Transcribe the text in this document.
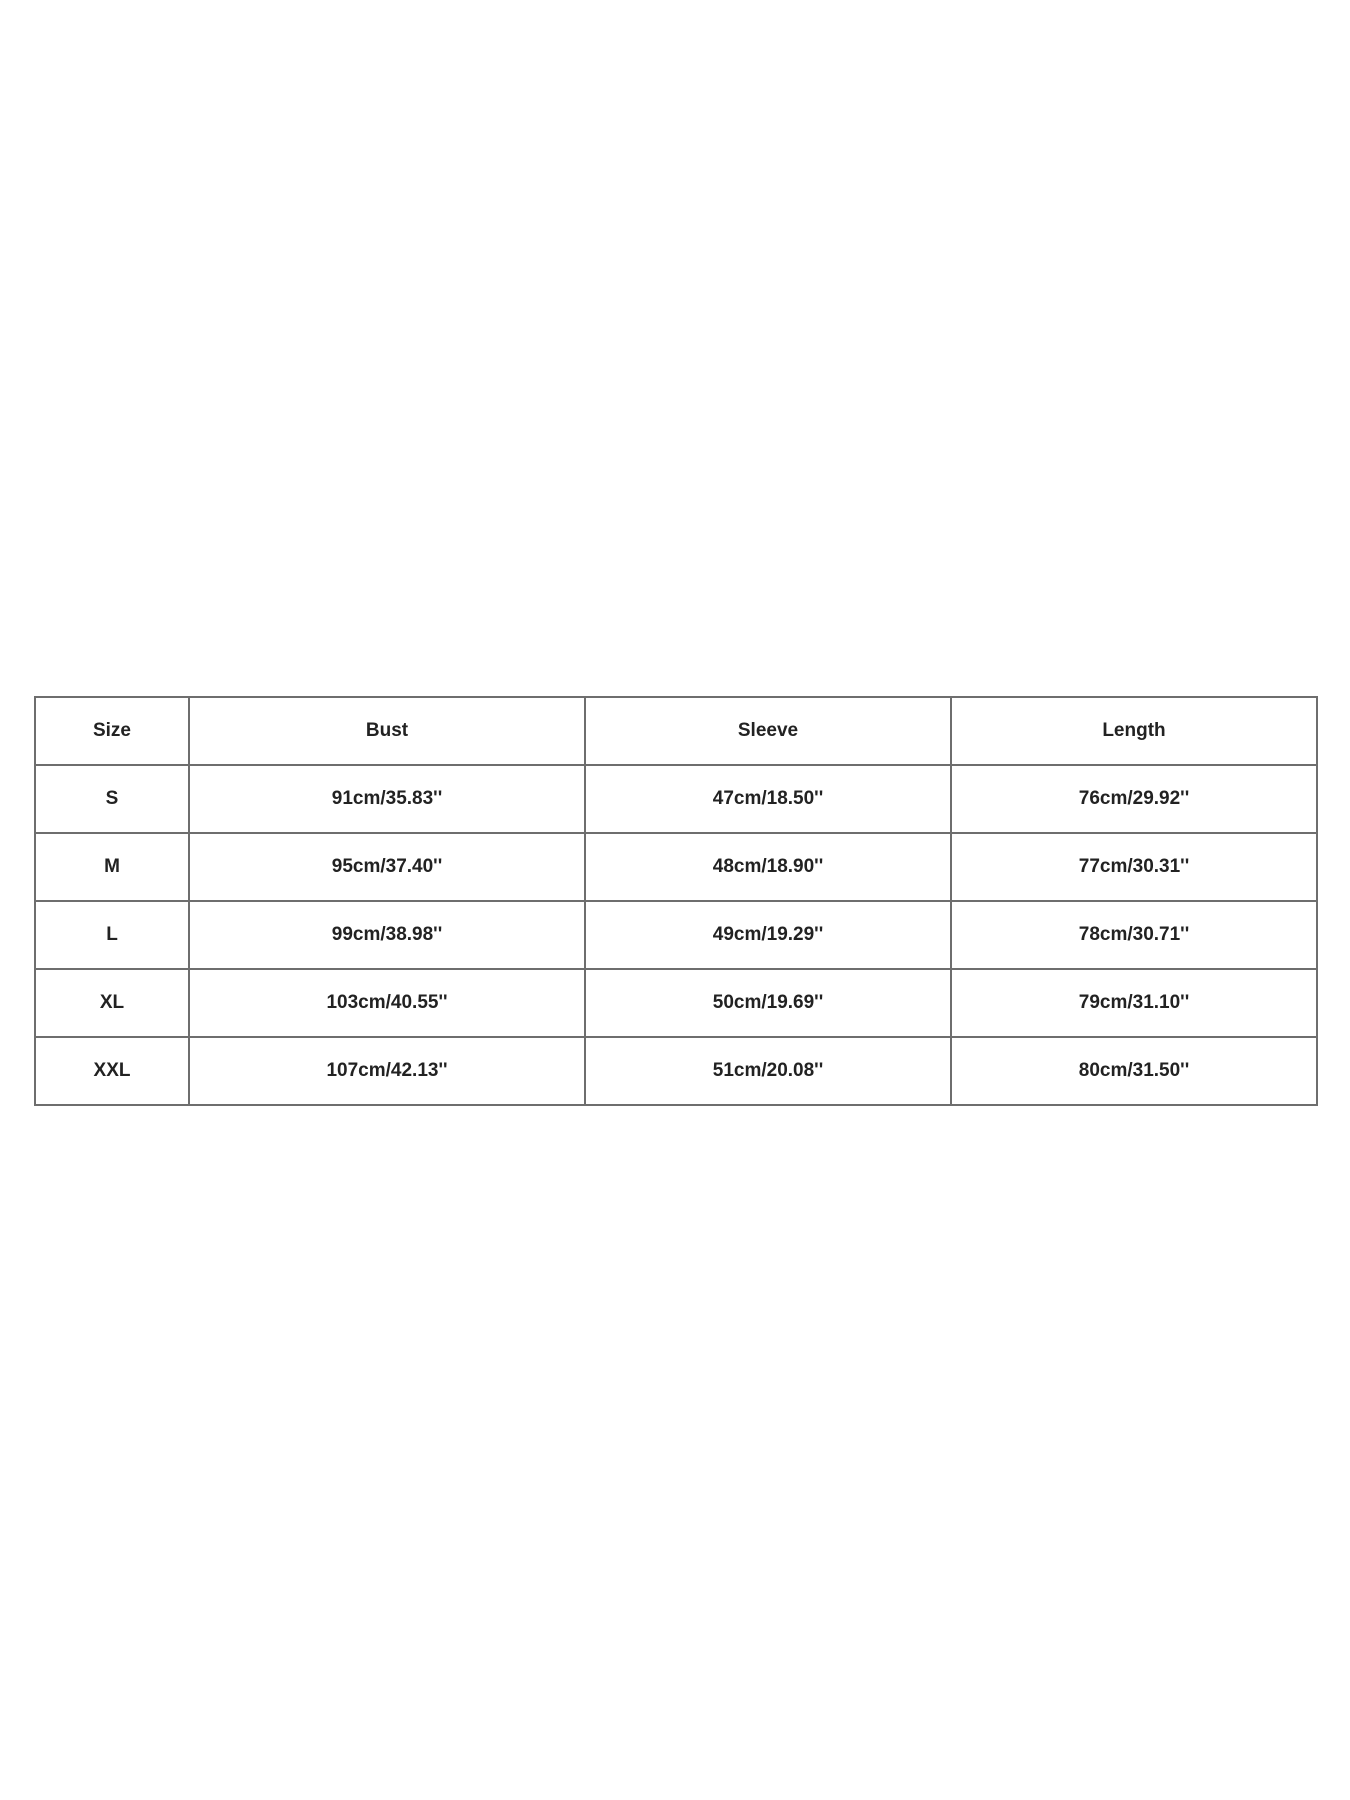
Size	Bust	Sleeve	Length
S	91cm/35.83''	47cm/18.50''	76cm/29.92''
M	95cm/37.40''	48cm/18.90''	77cm/30.31''
L	99cm/38.98''	49cm/19.29''	78cm/30.71''
XL	103cm/40.55''	50cm/19.69''	79cm/31.10''
XXL	107cm/42.13''	51cm/20.08''	80cm/31.50''
